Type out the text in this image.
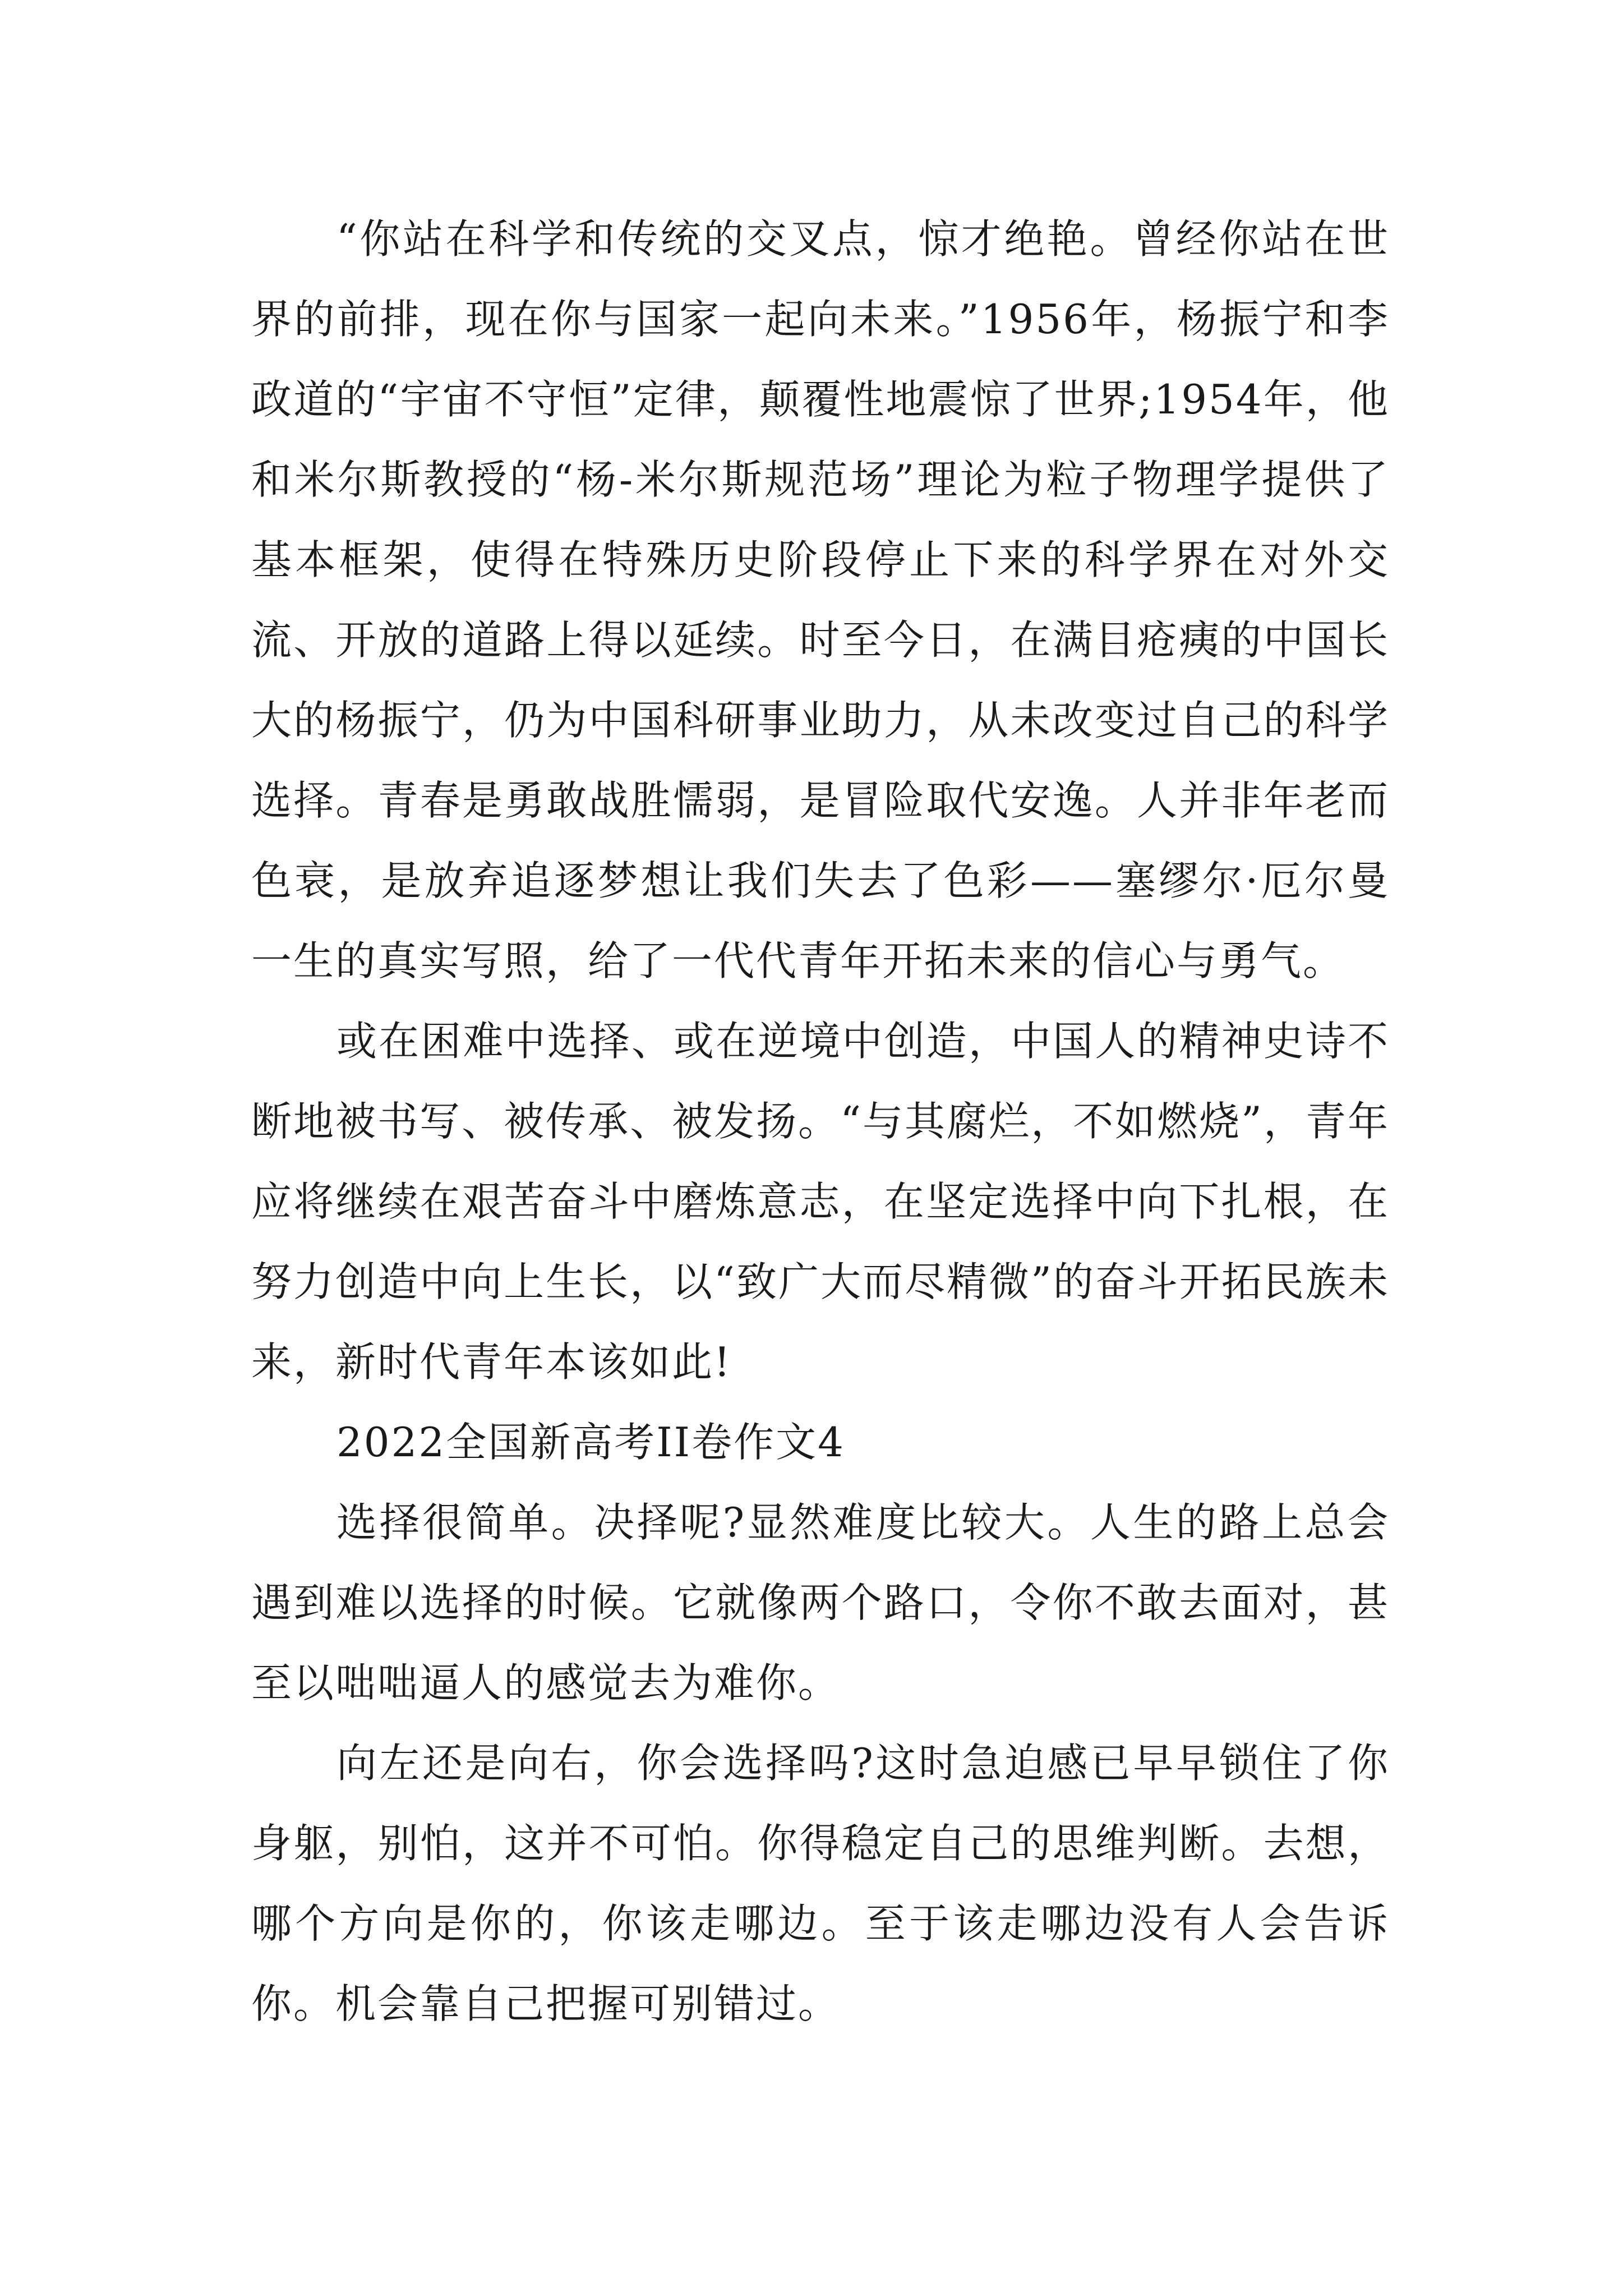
“你站在科学和传统的交叉点，惊才绝艳。曾经你站在世界的前排，现在你与国家一起向未来。”1956年，杨振宁和李政道的“宇宙不守恒”定律，颠覆性地震惊了世界;1954年，他和米尔斯教授的“杨-米尔斯规范场”理论为粒子物理学提供了基本框架，使得在特殊历史阶段停止下来的科学界在对外交流、开放的道路上得以延续。时至今日，在满目疮痍的中国长大的杨振宁，仍为中国科研事业助力，从未改变过自己的科学选择。青春是勇敢战胜懦弱，是冒险取代安逸。人并非年老而色衰，是放弃追逐梦想让我们失去了色彩——塞缪尔·厄尔曼一生的真实写照，给了一代代青年开拓未来的信心与勇气。

或在困难中选择、或在逆境中创造，中国人的精神史诗不断地被书写、被传承、被发扬。“与其腐烂，不如燃烧”，青年应将继续在艰苦奋斗中磨炼意志，在坚定选择中向下扎根，在努力创造中向上生长，以“致广大而尽精微”的奋斗开拓民族未来，新时代青年本该如此!

2022全国新高考II卷作文4

选择很简单。决择呢?显然难度比较大。人生的路上总会遇到难以选择的时候。它就像两个路口，令你不敢去面对，甚至以咄咄逼人的感觉去为难你。

向左还是向右，你会选择吗?这时急迫感已早早锁住了你身躯，别怕，这并不可怕。你得稳定自己的思维判断。去想，哪个方向是你的，你该走哪边。至于该走哪边没有人会告诉你。机会靠自己把握可别错过。
